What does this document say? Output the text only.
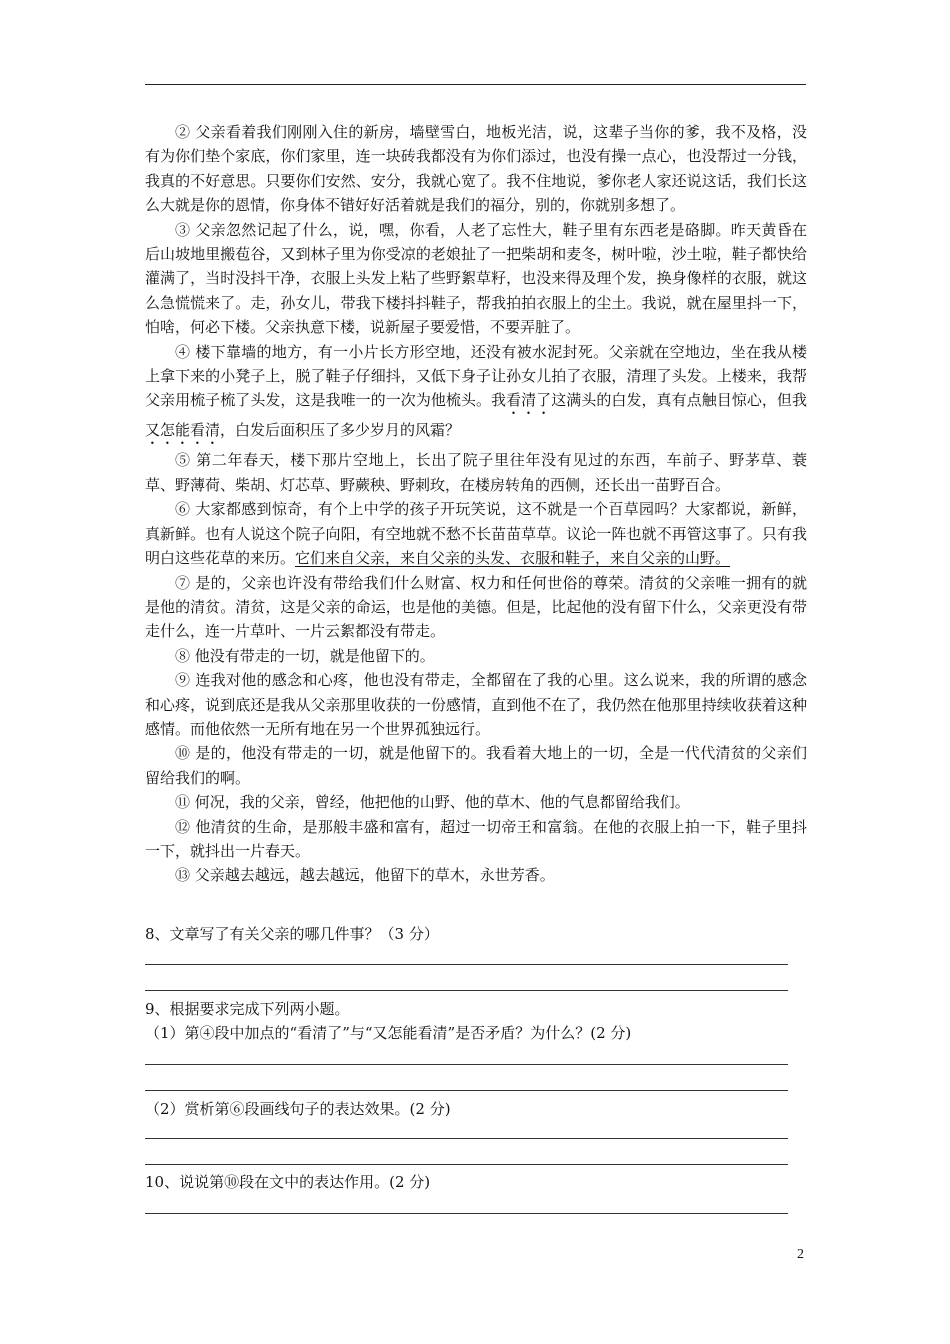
② 父亲看着我们刚刚入住的新房，墙壁雪白，地板光洁，说，这辈子当你的爹，我不及格，没有为你们垫个家底，你们家里，连一块砖我都没有为你们添过，也没有操一点心，也没帮过一分钱，我真的不好意思。只要你们安然、安分，我就心宽了。我不住地说，爹你老人家还说这话，我们长这么大就是你的恩情，你身体不错好好活着就是我们的福分，别的，你就别多想了。

③ 父亲忽然记起了什么，说，嘿，你看，人老了忘性大，鞋子里有东西老是硌脚。昨天黄昏在后山坡地里搬苞谷，又到林子里为你受凉的老娘扯了一把柴胡和麦冬，树叶啦，沙土啦，鞋子都快给灌满了，当时没抖干净，衣服上头发上粘了些野絮草籽，也没来得及理个发，换身像样的衣服，就这么急慌慌来了。走，孙女儿，带我下楼抖抖鞋子，帮我拍拍衣服上的尘土。我说，就在屋里抖一下，怕啥，何必下楼。父亲执意下楼，说新屋子要爱惜，不要弄脏了。

④ 楼下靠墙的地方，有一小片长方形空地，还没有被水泥封死。父亲就在空地边，坐在我从楼上拿下来的小凳子上，脱了鞋子仔细抖，又低下身子让孙女儿拍了衣服，清理了头发。上楼来，我帮父亲用梳子梳了头发，这是我唯一的一次为他梳头。我看清了这满头的白发，真有点触目惊心，但我又怎能看清，白发后面积压了多少岁月的风霜？

⑤ 第二年春天，楼下那片空地上，长出了院子里往年没有见过的东西，车前子、野茅草、蓑草、野薄荷、柴胡、灯芯草、野蕨秧、野刺玫，在楼房转角的西侧，还长出一苗野百合。

⑥ 大家都感到惊奇，有个上中学的孩子开玩笑说，这不就是一个百草园吗？大家都说，新鲜，真新鲜。也有人说这个院子向阳，有空地就不愁不长苗苗草草。议论一阵也就不再管这事了。只有我明白这些花草的来历。它们来自父亲，来自父亲的头发、衣服和鞋子，来自父亲的山野。

⑦ 是的，父亲也许没有带给我们什么财富、权力和任何世俗的尊荣。清贫的父亲唯一拥有的就是他的清贫。清贫，这是父亲的命运，也是他的美德。但是，比起他的没有留下什么，父亲更没有带走什么，连一片草叶、一片云絮都没有带走。

⑧ 他没有带走的一切，就是他留下的。

⑨ 连我对他的感念和心疼，他也没有带走，全都留在了我的心里。这么说来，我的所谓的感念和心疼，说到底还是我从父亲那里收获的一份感情，直到他不在了，我仍然在他那里持续收获着这种感情。而他依然一无所有地在另一个世界孤独远行。

⑩ 是的，他没有带走的一切，就是他留下的。我看着大地上的一切，全是一代代清贫的父亲们留给我们的啊。

⑪ 何况，我的父亲，曾经，他把他的山野、他的草木、他的气息都留给我们。

⑫ 他清贫的生命，是那般丰盛和富有，超过一切帝王和富翁。在他的衣服上拍一下，鞋子里抖一下，就抖出一片春天。

⑬ 父亲越去越远，越去越远，他留下的草木，永世芳香。

8、文章写了有关父亲的哪几件事？（3 分）
9、根据要求完成下列两小题。
（1）第④段中加点的“看清了”与“又怎能看清”是否矛盾？为什么？(2 分)
（2）赏析第⑥段画线句子的表达效果。(2 分)
10、说说第⑩段在文中的表达作用。(2 分)
2
